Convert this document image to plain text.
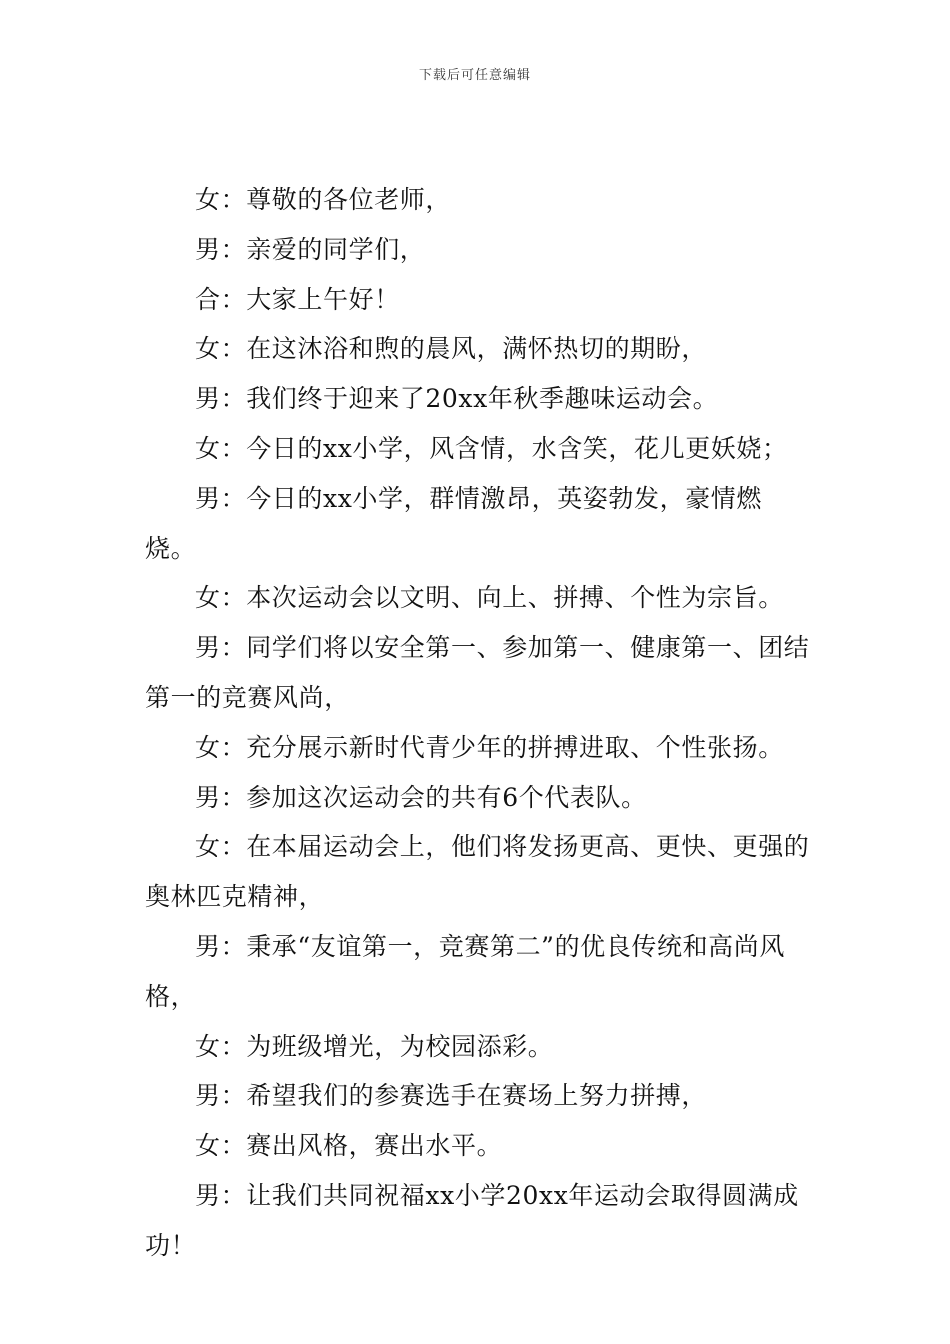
下载后可任意编辑

女：尊敬的各位老师，

男：亲爱的同学们，

合：大家上午好！

女：在这沐浴和煦的晨风，满怀热切的期盼，

男：我们终于迎来了20xx年秋季趣味运动会。

女：今日的xx小学，风含情，水含笑，花儿更妖娆；

男：今日的xx小学，群情激昂，英姿勃发，豪情燃烧。

女：本次运动会以文明、向上、拼搏、个性为宗旨。

男：同学们将以安全第一、参加第一、健康第一、团结第一的竞赛风尚，

女：充分展示新时代青少年的拼搏进取、个性张扬。

男：参加这次运动会的共有6个代表队。

女：在本届运动会上，他们将发扬更高、更快、更强的奥林匹克精神，

男：秉承“友谊第一，竞赛第二”的优良传统和高尚风格，

女：为班级增光，为校园添彩。

男：希望我们的参赛选手在赛场上努力拼搏，

女：赛出风格，赛出水平。

男：让我们共同祝福xx小学20xx年运动会取得圆满成功！
